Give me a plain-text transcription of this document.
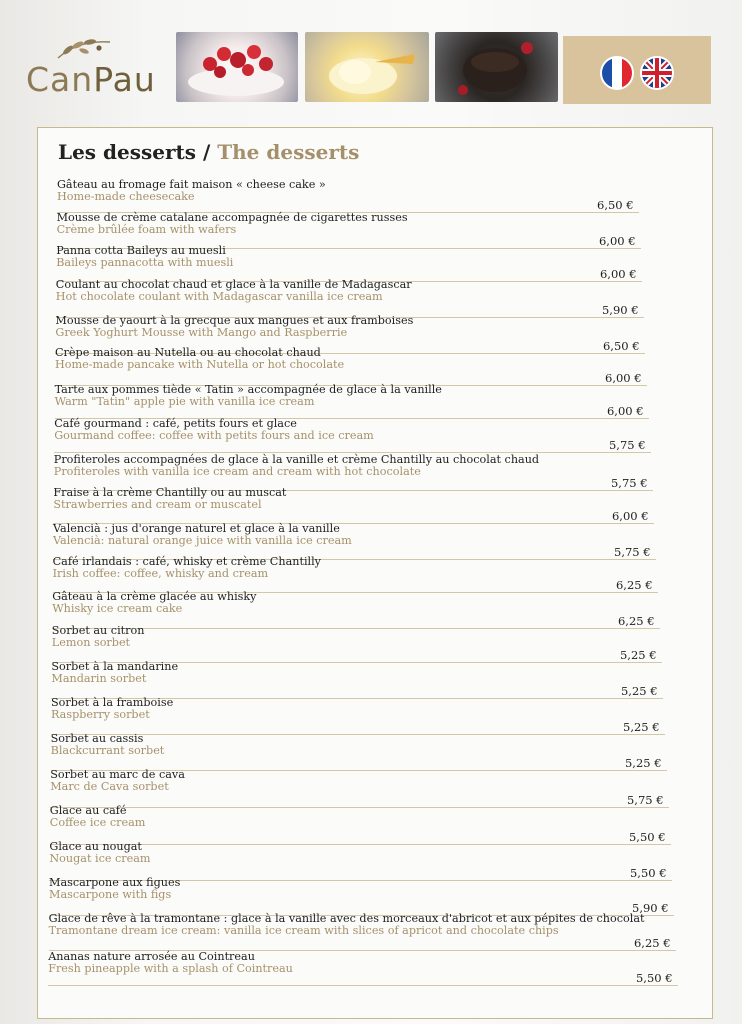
CanPau
Les desserts / The desserts
Gâteau au fromage fait maison « cheese cake »
Home-made cheesecake
6,50 €
Mousse de crème catalane accompagnée de cigarettes russes
Crème brûlée foam with wafers
6,00 €
Panna cotta Baileys au muesli
Baileys pannacotta with muesli
6,00 €
Coulant au chocolat chaud et glace à la vanille de Madagascar
Hot chocolate coulant with Madagascar vanilla ice cream
5,90 €
Mousse de yaourt à la grecque aux mangues et aux framboises
Greek Yoghurt Mousse with Mango and Raspberrie
6,50 €
Crèpe maison au Nutella ou au chocolat chaud
Home-made pancake with Nutella or hot chocolate
6,00 €
Tarte aux pommes tiède « Tatin » accompagnée de glace à la vanille
Warm "Tatin" apple pie with vanilla ice cream
6,00 €
Café gourmand : café, petits fours et glace
Gourmand coffee: coffee with petits fours and ice cream
5,75 €
Profiteroles accompagnées de glace à la vanille et crème Chantilly au chocolat chaud
Profiteroles with vanilla ice cream and cream with hot chocolate
5,75 €
Fraise à la crème Chantilly ou au muscat
Strawberries and cream or muscatel
6,00 €
Valencià : jus d'orange naturel et glace à la vanille
Valencià: natural orange juice with vanilla ice cream
5,75 €
Café irlandais : café, whisky et crème Chantilly
Irish coffee: coffee, whisky and cream
6,25 €
Gâteau à la crème glacée au whisky
Whisky ice cream cake
6,25 €
Sorbet au citron
Lemon sorbet
5,25 €
Sorbet à la mandarine
Mandarin sorbet
5,25 €
Sorbet à la framboise
Raspberry sorbet
5,25 €
Sorbet au cassis
Blackcurrant sorbet
5,25 €
Sorbet au marc de cava
Marc de Cava sorbet
5,75 €
Glace au café
Coffee ice cream
5,50 €
Glace au nougat
Nougat ice cream
5,50 €
Mascarpone aux figues
Mascarpone with figs
5,90 €
Glace de rêve à la tramontane : glace à la vanille avec des morceaux d'abricot et aux pépites de chocolat
Tramontane dream ice cream: vanilla ice cream with slices of apricot and chocolate chips
6,25 €
Ananas nature arrosée au Cointreau
Fresh pineapple with a splash of Cointreau
5,50 €
